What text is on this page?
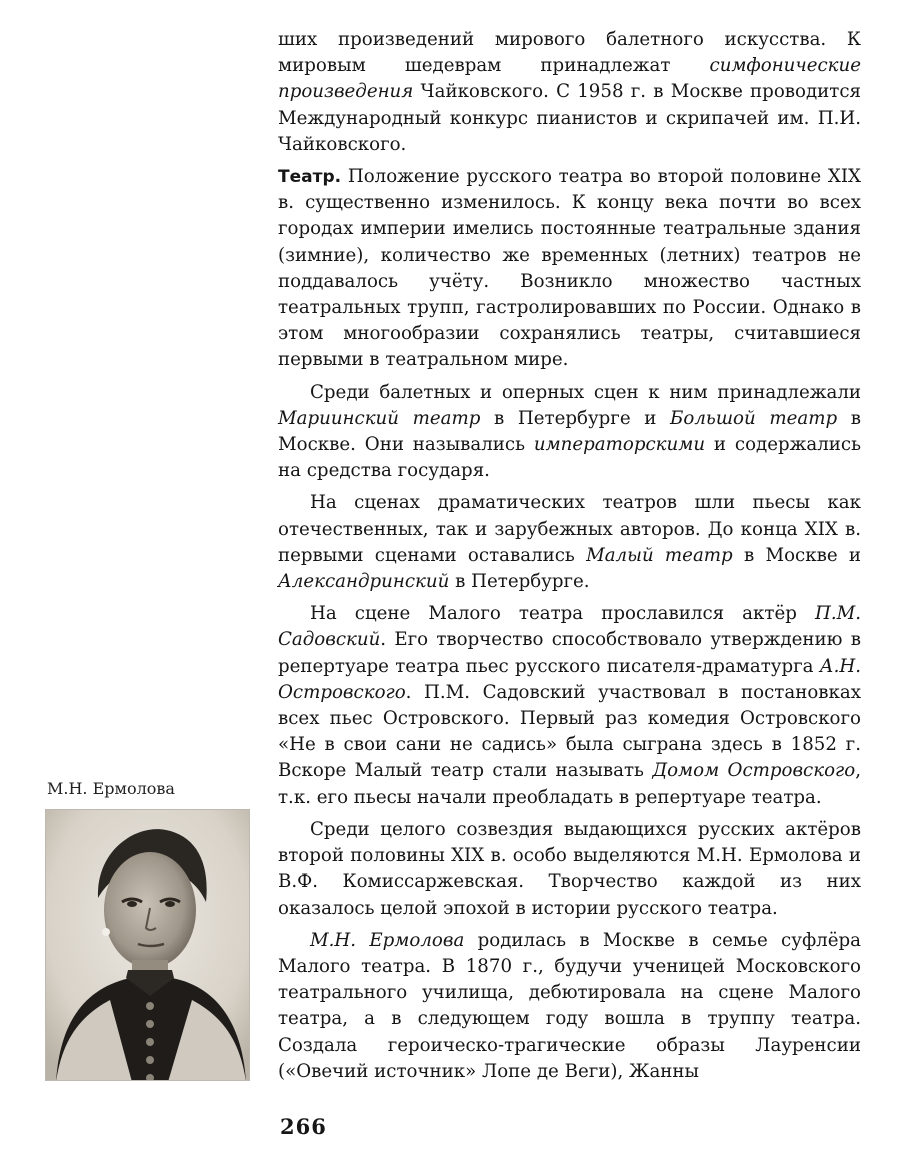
ших произведений мирового балетного искусства. К мировым шедеврам принадлежат симфонические произведения Чайковского. С 1958 г. в Москве проводится Международный конкурс пианистов и скрипачей им. П.И. Чайковского.

Театр. Положение русского театра во второй половине XIX в. существенно изменилось. К концу века почти во всех городах империи имелись постоянные театральные здания (зимние), количество же временных (летних) театров не поддавалось учёту. Возникло множество частных театральных трупп, гастролировавших по России. Однако в этом многообразии сохранялись театры, считавшиеся первыми в театральном мире.

Среди балетных и оперных сцен к ним принадлежали Мариинский театр в Петербурге и Большой театр в Москве. Они назывались императорскими и содержались на средства государя.

На сценах драматических театров шли пьесы как отечественных, так и зарубежных авторов. До конца XIX в. первыми сценами оставались Малый театр в Москве и Александринский в Петербурге.

На сцене Малого театра прославился актёр П.М. Садовский. Его творчество способствовало утверждению в репертуаре театра пьес русского писателя-драматурга А.Н. Островского. П.М. Садовский участвовал в постановках всех пьес Островского. Первый раз комедия Островского «Не в свои сани не садись» была сыграна здесь в 1852 г. Вскоре Малый театр стали называть Домом Островского, т.к. его пьесы начали преобладать в репертуаре театра.

Среди целого созвездия выдающихся русских актёров второй половины XIX в. особо выделяются М.Н. Ермолова и В.Ф. Комиссаржевская. Творчество каждой из них оказалось целой эпохой в истории русского театра.

М.Н. Ермолова родилась в Москве в семье суфлёра Малого театра. В 1870 г., будучи ученицей Московского театрального училища, дебютировала на сцене Малого театра, а в следующем году вошла в труппу театра. Создала героическо-трагические образы Лауренсии («Овечий источник» Лопе де Веги), Жанны

М.Н. Ермолова
266
